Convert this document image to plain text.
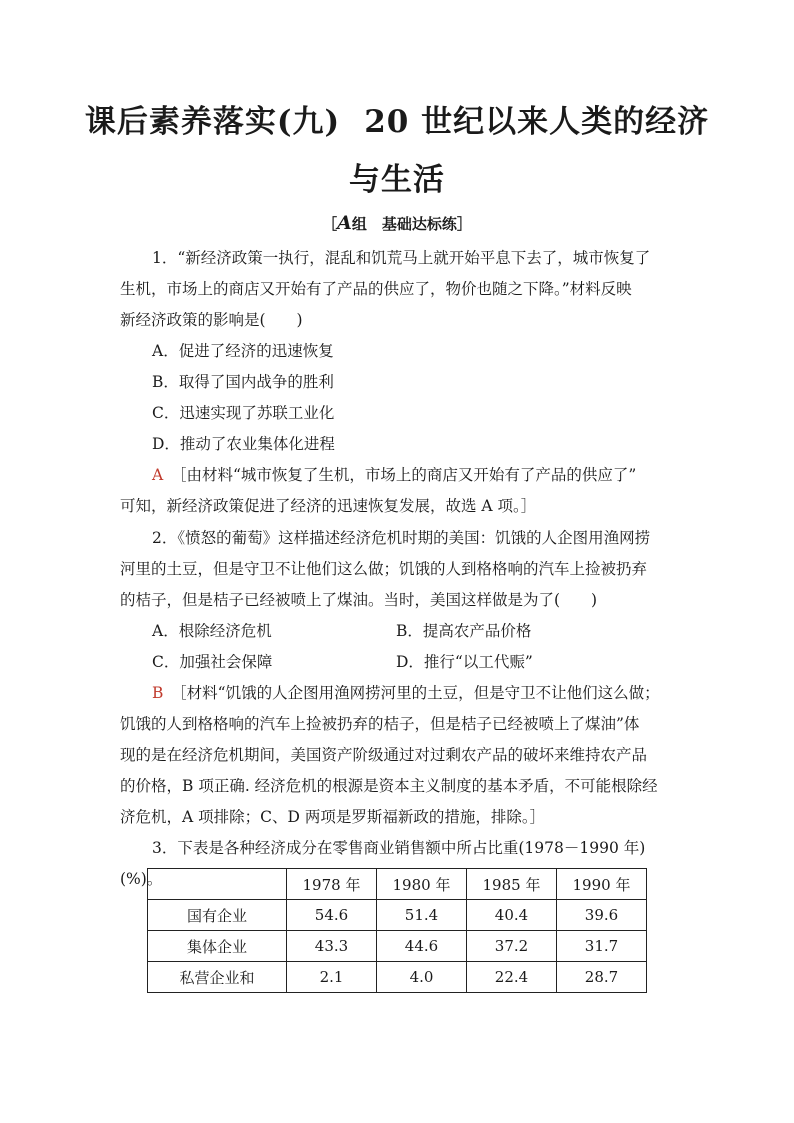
课后素养落实(九) 20 世纪以来人类的经济
与生活
［A组　基础达标练］
1．“新经济政策一执行，混乱和饥荒马上就开始平息下去了，城市恢复了
生机，市场上的商店又开始有了产品的供应了，物价也随之下降。”材料反映
新经济政策的影响是(　　)
A．促进了经济的迅速恢复
B．取得了国内战争的胜利
C．迅速实现了苏联工业化
D．推动了农业集体化进程
A　 ［由材料“城市恢复了生机，市场上的商店又开始有了产品的供应了”
可知，新经济政策促进了经济的迅速恢复发展，故选 A 项。］
2．《愤怒的葡萄》这样描述经济危机时期的美国：饥饿的人企图用渔网捞
河里的土豆，但是守卫不让他们这么做；饥饿的人到格格响的汽车上捡被扔弃
的桔子，但是桔子已经被喷上了煤油。当时，美国这样做是为了(　　)
A．根除经济危机	B．提高农产品价格
C．加强社会保障	D．推行“以工代赈”
B　 ［材料“饥饿的人企图用渔网捞河里的土豆，但是守卫不让他们这么做；
饥饿的人到格格响的汽车上捡被扔弃的桔子，但是桔子已经被喷上了煤油”体
现的是在经济危机期间，美国资产阶级通过对过剩农产品的破坏来维持农产品
的价格，B 项正确. 经济危机的根源是资本主义制度的基本矛盾，不可能根除经
济危机，A 项排除；C、D 两项是罗斯福新政的措施，排除。］
3．下表是各种经济成分在零售商业销售额中所占比重(1978－1990 年)(%)。
		1978 年	1980 年	1985 年	1990 年
国有企业	54.6	51.4	40.4	39.6
集体企业	43.3	44.6	37.2	31.7
私营企业和	2.1	4.0	22.4	28.7
